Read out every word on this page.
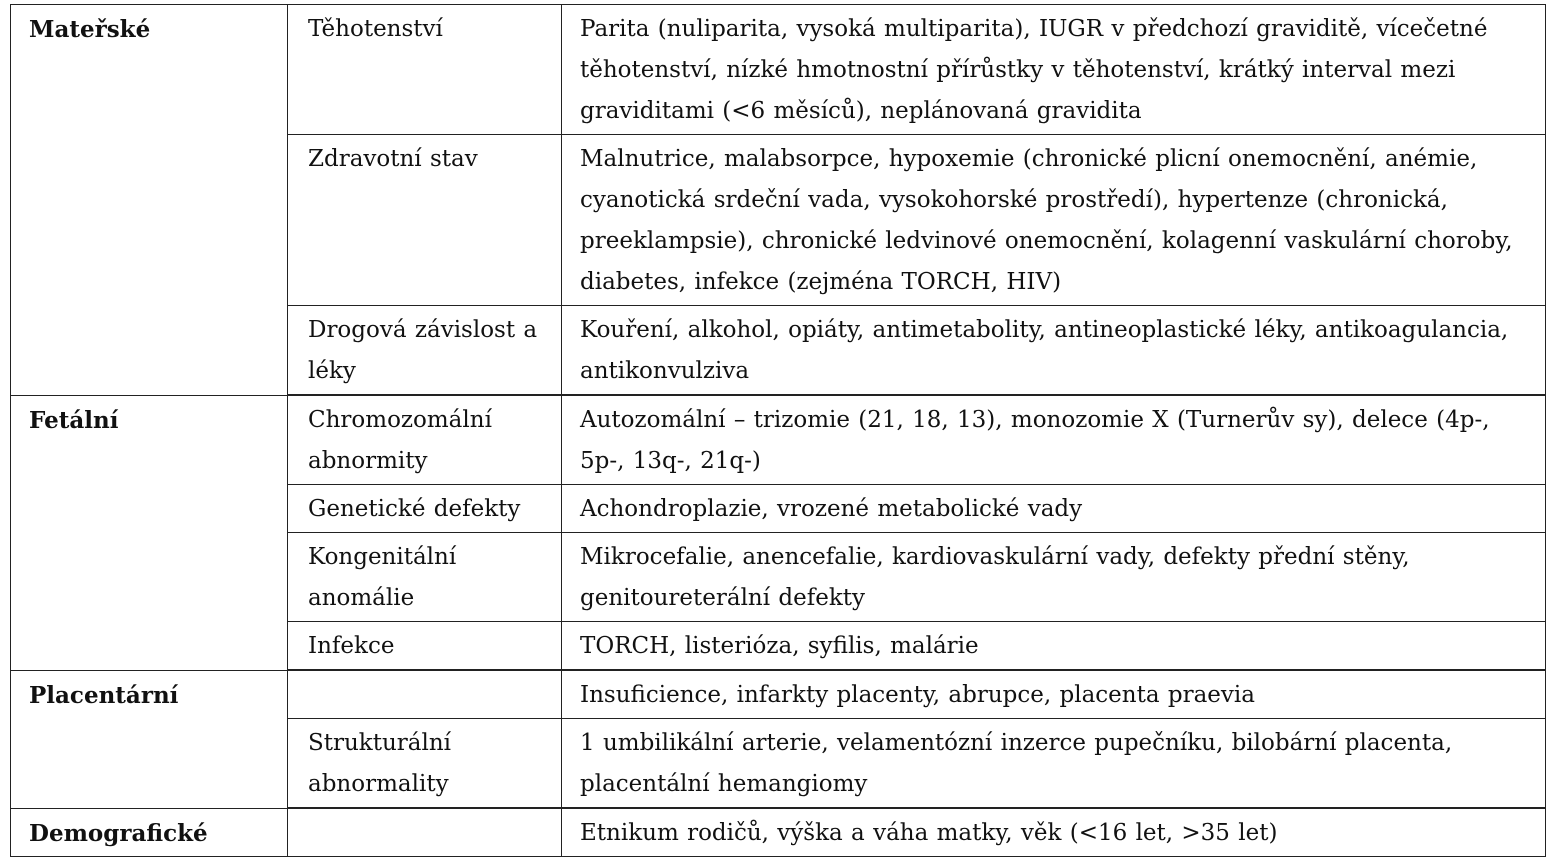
Mateřské	Těhotenství	Parita (nuliparita, vysoká multiparita), IUGR v předchozí graviditě, vícečetné těhotenství, nízké hmotnostní přírůstky v těhotenství, krátký interval mezi graviditami (<6 měsíců), neplánovaná gravidita
	Zdravotní stav	Malnutrice, malabsorpce, hypoxemie (chronické plicní onemocnění, anémie, cyanotická srdeční vada, vysokohorské prostředí), hypertenze (chronická, preeklampsie), chronické ledvinové onemocnění, kolagenní vaskulární choroby, diabetes, infekce (zejména TORCH, HIV)
	Drogová závislost a léky	Kouření, alkohol, opiáty, antimetabolity, antineoplastické léky, antikoagulancia, antikonvulziva
Fetální	Chromozomální abnormity	Autozomální – trizomie (21, 18, 13), monozomie X (Turnerův sy), delece (4p-, 5p-, 13q-, 21q-)
	Genetické defekty	Achondroplazie, vrozené metabolické vady
	Kongenitální anomálie	Mikrocefalie, anencefalie, kardiovaskulární vady, defekty přední stěny, genitoureterální defekty
	Infekce	TORCH, listerióza, syfilis, malárie
Placentární		Insuficience, infarkty placenty, abrupce, placenta praevia
	Strukturální abnormality	1 umbilikální arterie, velamentózní inzerce pupečníku, bilobární placenta, placentální hemangiomy
Demografické		Etnikum rodičů, výška a váha matky, věk (<16 let, >35 let)
